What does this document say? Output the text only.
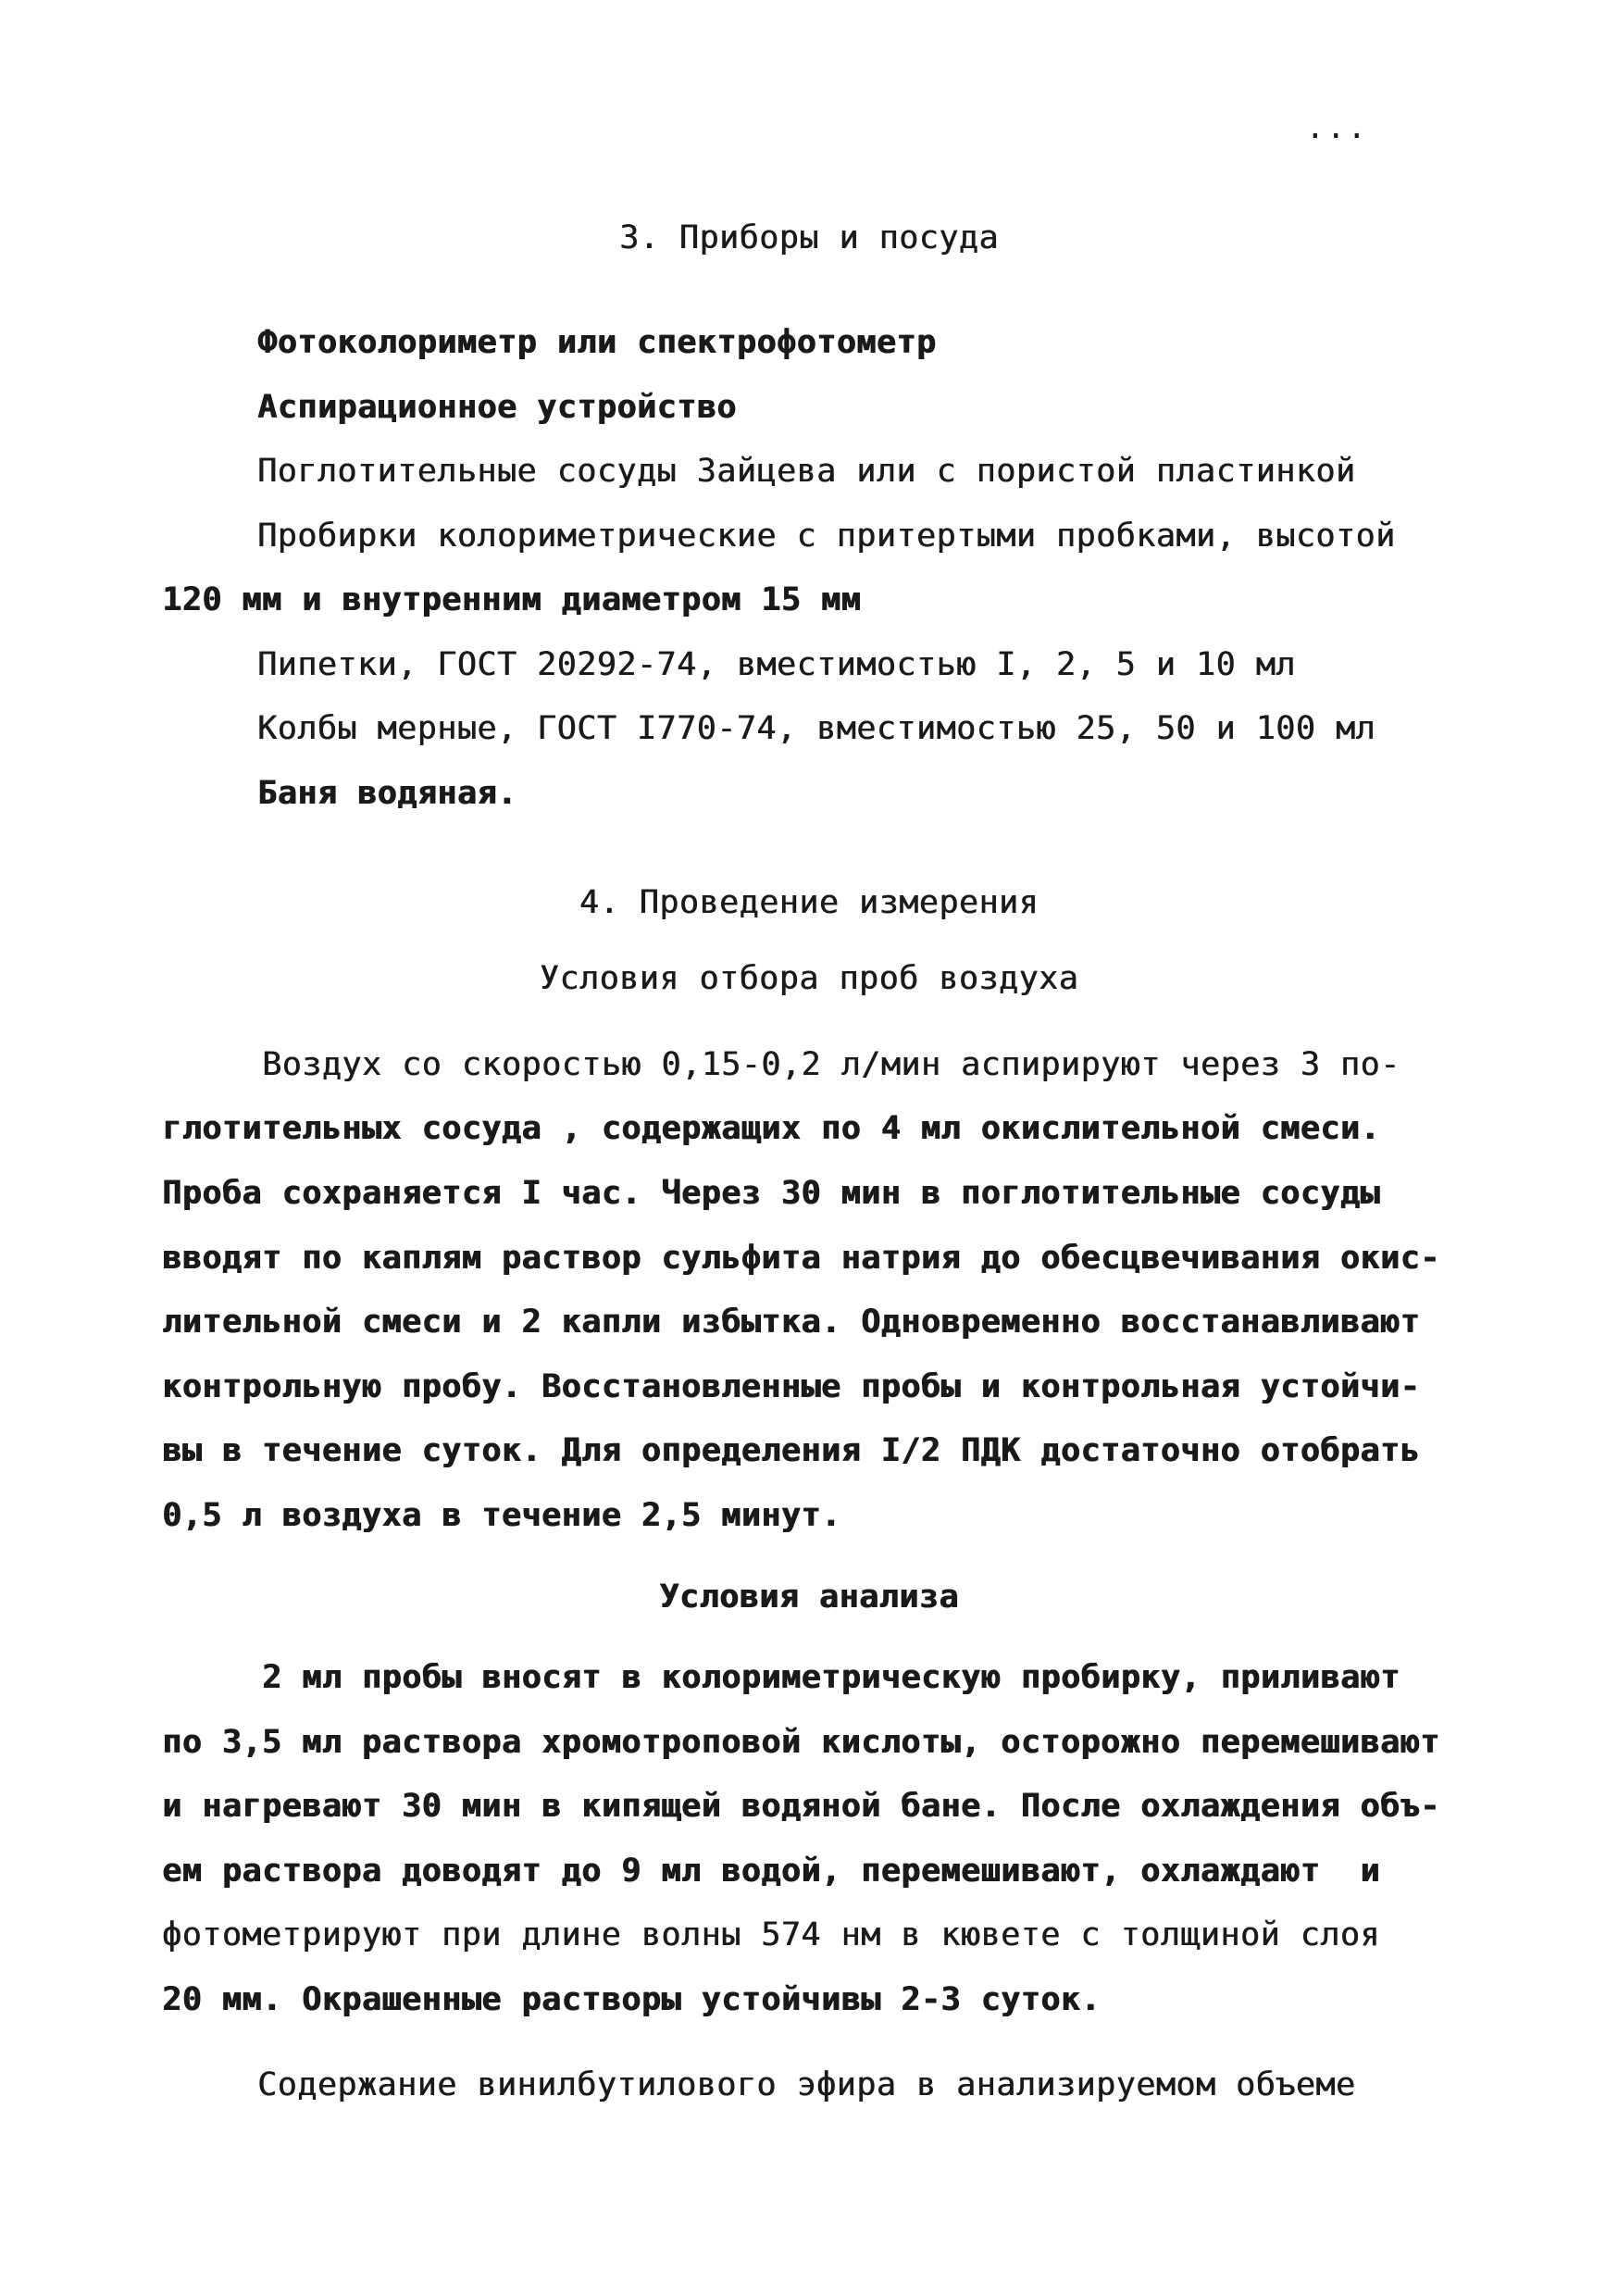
...
3. Приборы и посуда
Фотоколориметр или спектрофотометр
Аспирационное устройство
Поглотительные сосуды Зайцева или с пористой пластинкой
Пробирки колориметрические с притертыми пробками, высотой
120 мм и внутренним диаметром 15 мм
Пипетки, ГОСТ 20292-74, вместимостью I, 2, 5 и 10 мл
Колбы мерные, ГОСТ I770-74, вместимостью 25, 50 и 100 мл
Баня водяная.
4. Проведение измерения
Условия отбора проб воздуха
Воздух со скоростью 0,15-0,2 л/мин аспирируют через 3 по-
глотительных сосуда , содержащих по 4 мл окислительной смеси.
Проба сохраняется I час. Через 30 мин в поглотительные сосуды
вводят по каплям раствор сульфита натрия до обесцвечивания окис-
лительной смеси и 2 капли избытка. Одновременно восстанавливают
контрольную пробу. Восстановленные пробы и контрольная устойчи-
вы в течение суток. Для определения I/2 ПДК достаточно отобрать
0,5 л воздуха в течение 2,5 минут.
Условия анализа
2 мл пробы вносят в колориметрическую пробирку, приливают
по 3,5 мл раствора хромотроповой кислоты, осторожно перемешивают
и нагревают 30 мин в кипящей водяной бане. После охлаждения объ-
ем раствора доводят до 9 мл водой, перемешивают, охлаждают  и
фотометрируют при длине волны 574 нм в кювете с толщиной слоя
20 мм. Окрашенные растворы устойчивы 2-3 суток.
Содержание винилбутилового эфира в анализируемом объеме
